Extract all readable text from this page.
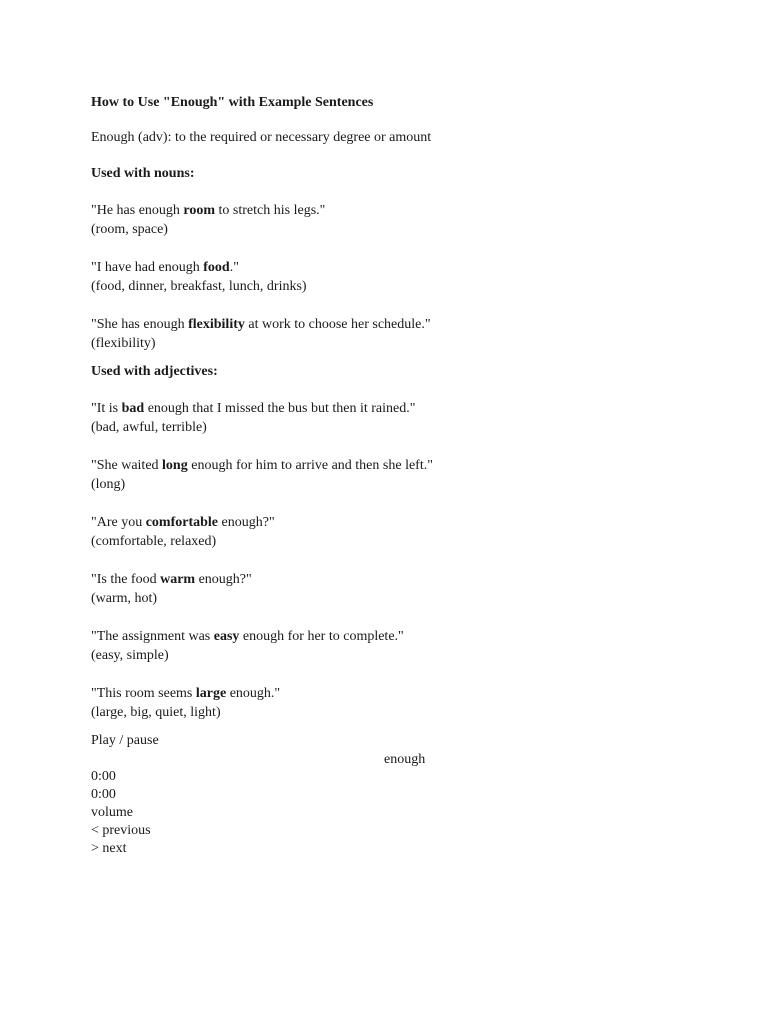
How to Use "Enough" with Example Sentences
Enough (adv): to the required or necessary degree or amount
Used with nouns:
"He has enough room to stretch his legs."
(room, space)
"I have had enough food."
(food, dinner, breakfast, lunch, drinks)
"She has enough flexibility at work to choose her schedule."
(flexibility)
Used with adjectives:
"It is bad enough that I missed the bus but then it rained."
(bad, awful, terrible)
"She waited long enough for him to arrive and then she left."
(long)
"Are you comfortable enough?"
(comfortable, relaxed)
"Is the food warm enough?"
(warm, hot)
"The assignment was easy enough for her to complete."
(easy, simple)
"This room seems large enough."
(large, big, quiet, light)
Play / pause
enough
0:00
0:00
volume
< previous
> next
